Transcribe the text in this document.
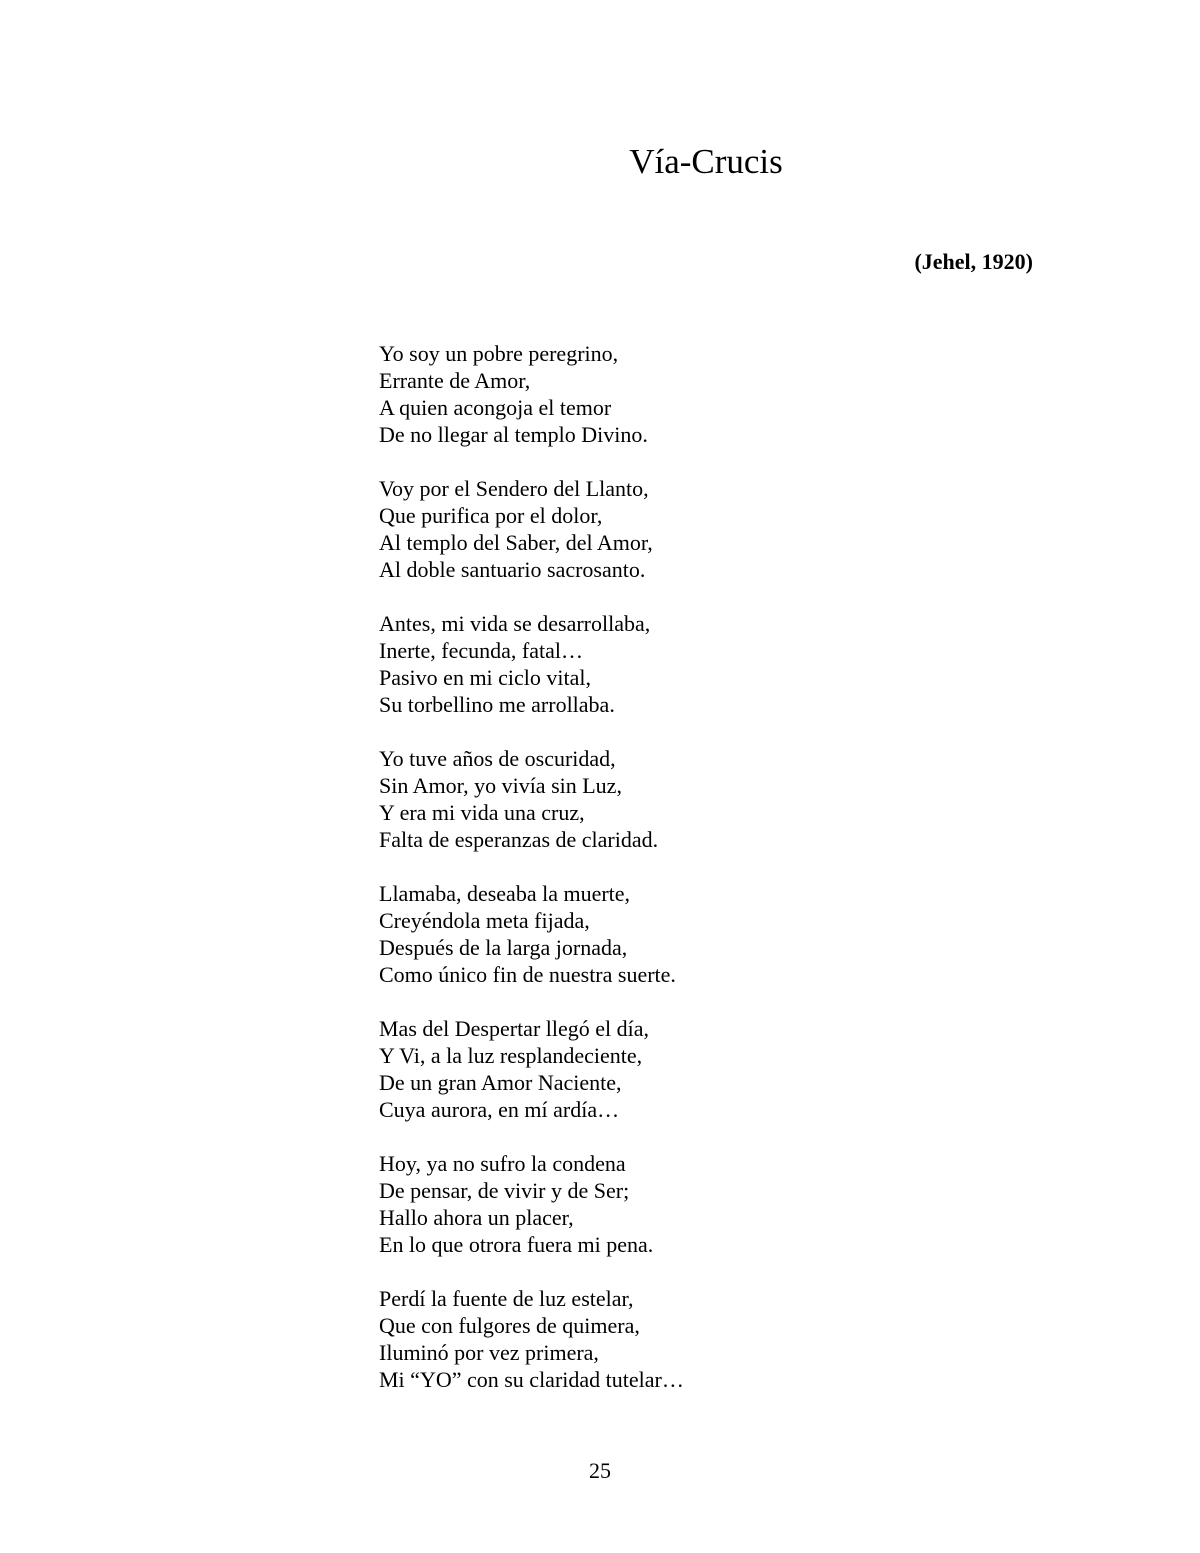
Vía-Crucis
(Jehel, 1920)
Yo soy un pobre peregrino,
Errante de Amor,
A quien acongoja el temor
De no llegar al templo Divino.
Voy por el Sendero del Llanto,
Que purifica por el dolor,
Al templo del Saber, del Amor,
Al doble santuario sacrosanto.
Antes, mi vida se desarrollaba,
Inerte, fecunda, fatal…
Pasivo en mi ciclo vital,
Su torbellino me arrollaba.
Yo tuve años de oscuridad,
Sin Amor, yo vivía sin Luz,
Y era mi vida una cruz,
Falta de esperanzas de claridad.
Llamaba, deseaba la muerte,
Creyéndola meta fijada,
Después de la larga jornada,
Como único fin de nuestra suerte.
Mas del Despertar llegó el día,
Y Vi, a la luz resplandeciente,
De un gran Amor Naciente,
Cuya aurora, en mí ardía…
Hoy, ya no sufro la condena
De pensar, de vivir y de Ser;
Hallo ahora un placer,
En lo que otrora fuera mi pena.
Perdí la fuente de luz estelar,
Que con fulgores de quimera,
Iluminó por vez primera,
Mi “YO” con su claridad tutelar…
25
